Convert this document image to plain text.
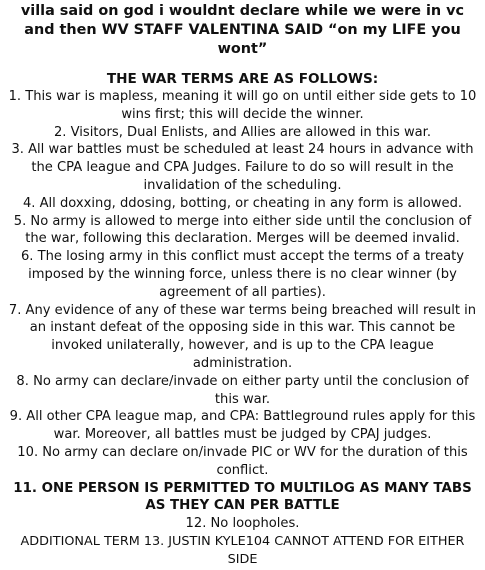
villa said on god i wouldnt declare while we were in vc and then WV STAFF VALENTINA SAID “on my LIFE you wont”

THE WAR TERMS ARE AS FOLLOWS:

1. This war is mapless, meaning it will go on until either side gets to 10 wins first; this will decide the winner.
2. Visitors, Dual Enlists, and Allies are allowed in this war.
3. All war battles must be scheduled at least 24 hours in advance with the CPA league and CPA Judges. Failure to do so will result in the invalidation of the scheduling.
4. All doxxing, ddosing, botting, or cheating in any form is allowed.
5. No army is allowed to merge into either side until the conclusion of the war, following this declaration. Merges will be deemed invalid.
6. The losing army in this conflict must accept the terms of a treaty imposed by the winning force, unless there is no clear winner (by agreement of all parties).
7. Any evidence of any of these war terms being breached will result in an instant defeat of the opposing side in this war. This cannot be invoked unilaterally, however, and is up to the CPA league administration.
8. No army can declare/invade on either party until the conclusion of this war.
9. All other CPA league map, and CPA: Battleground rules apply for this war. Moreover, all battles must be judged by CPAJ judges.
10. No army can declare on/invade PIC or WV for the duration of this conflict.
11. ONE PERSON IS PERMITTED TO MULTILOG AS MANY TABS AS THEY CAN PER BATTLE
12. No loopholes.
ADDITIONAL TERM 13. JUSTIN KYLE104 CANNOT ATTEND FOR EITHER SIDE
